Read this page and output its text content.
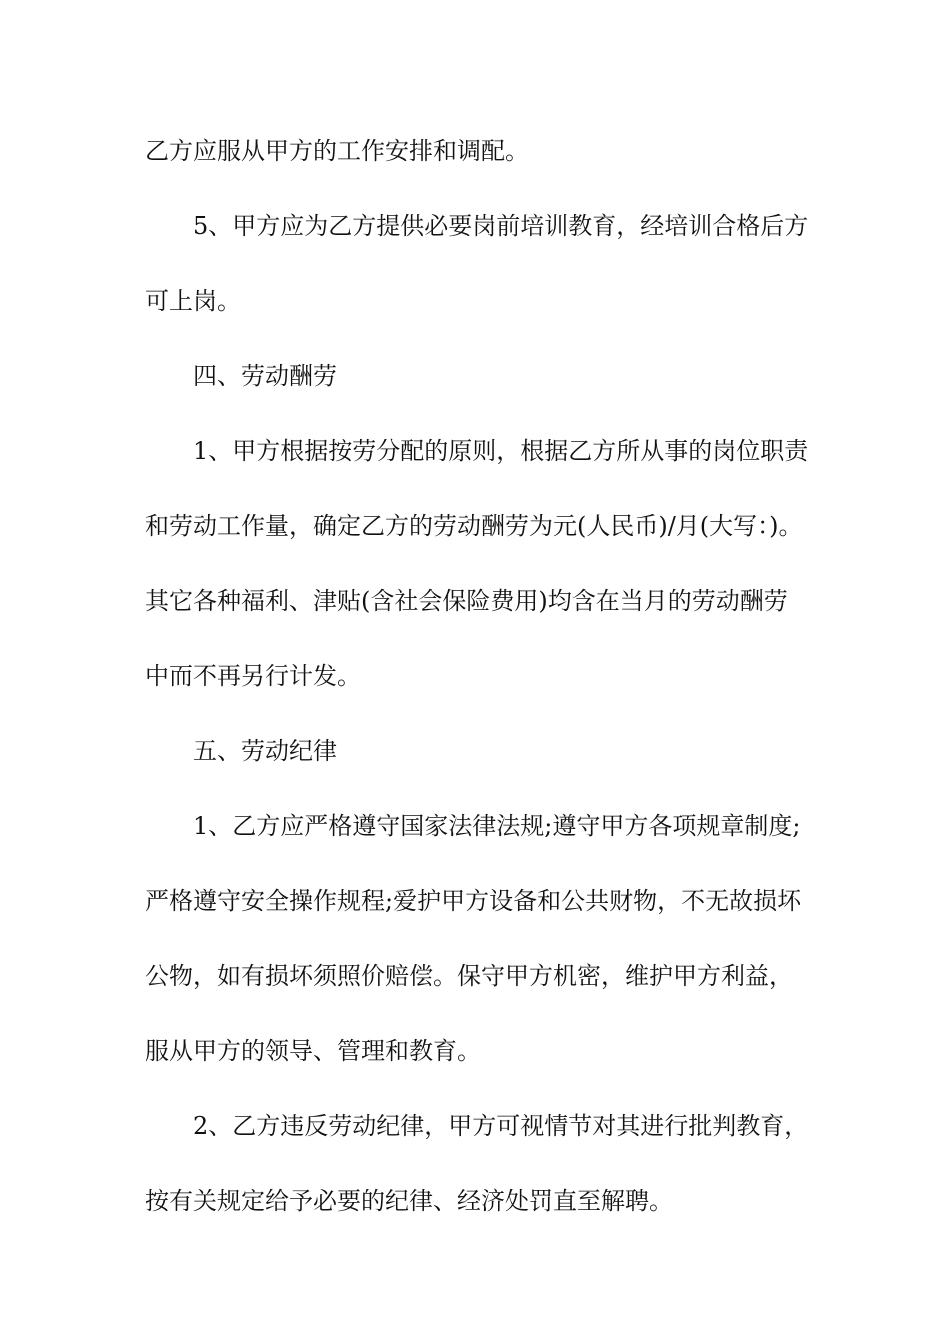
乙方应服从甲方的工作安排和调配。
5、甲方应为乙方提供必要岗前培训教育，经培训合格后方
可上岗。
四、劳动酬劳
1、甲方根据按劳分配的原则，根据乙方所从事的岗位职责
和劳动工作量，确定乙方的劳动酬劳为元(人民币)/月(大写：)。
其它各种福利、津贴(含社会保险费用)均含在当月的劳动酬劳
中而不再另行计发。
五、劳动纪律
1、乙方应严格遵守国家法律法规;遵守甲方各项规章制度;
严格遵守安全操作规程;爱护甲方设备和公共财物，不无故损坏
公物，如有损坏须照价赔偿。保守甲方机密，维护甲方利益，
服从甲方的领导、管理和教育。
2、乙方违反劳动纪律，甲方可视情节对其进行批判教育，
按有关规定给予必要的纪律、经济处罚直至解聘。
